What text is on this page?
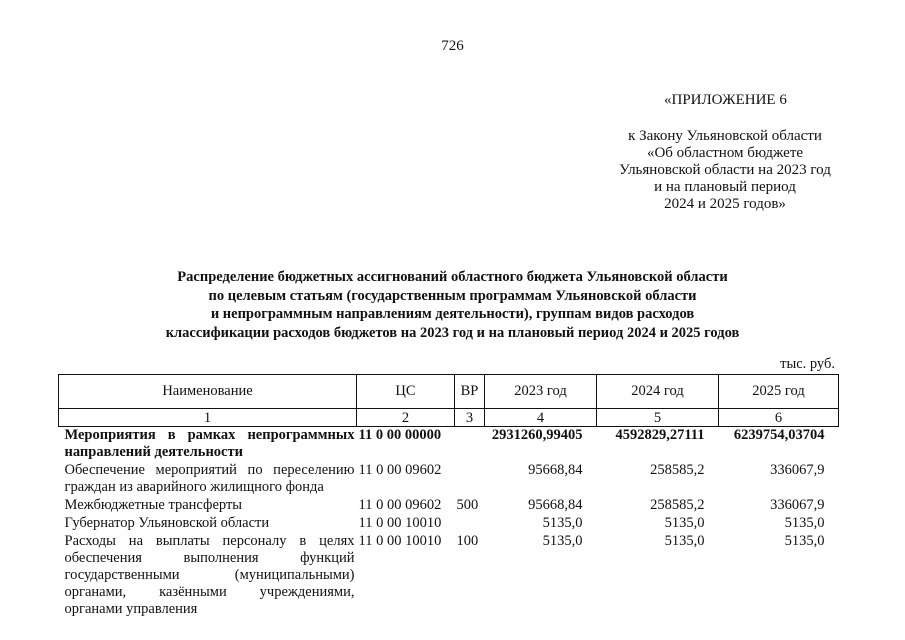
726
«ПРИЛОЖЕНИЕ 6
к Закону Ульяновской области
«Об областном бюджете
Ульяновской области на 2023 год
и на плановый период
2024 и 2025 годов»
Распределение бюджетных ассигнований областного бюджета Ульяновской области
по целевым статьям (государственным программам Ульяновской области
и непрограммным направлениям деятельности), группам видов расходов
классификации расходов бюджетов на 2023 год и на плановый период 2024 и 2025 годов
тыс. руб.
Наименование	ЦС	ВР	2023 год	2024 год	2025 год
1	2	3	4	5	6
Мероприятия в рамках непрограммных направлений деятельности	11 0 00 00000		2931260,99405	4592829,27111	6239754,03704
Обеспечение мероприятий по переселению граждан из аварийного жилищного фонда	11 0 00 09602		95668,84	258585,2	336067,9
Межбюджетные трансферты	11 0 00 09602	500	95668,84	258585,2	336067,9
Губернатор Ульяновской области	11 0 00 10010		5135,0	5135,0	5135,0
Расходы на выплаты персоналу в целях обеспечения выполнения функций государственными (муниципальными) органами, казёнными учреждениями, органами управления	11 0 00 10010	100	5135,0	5135,0	5135,0
